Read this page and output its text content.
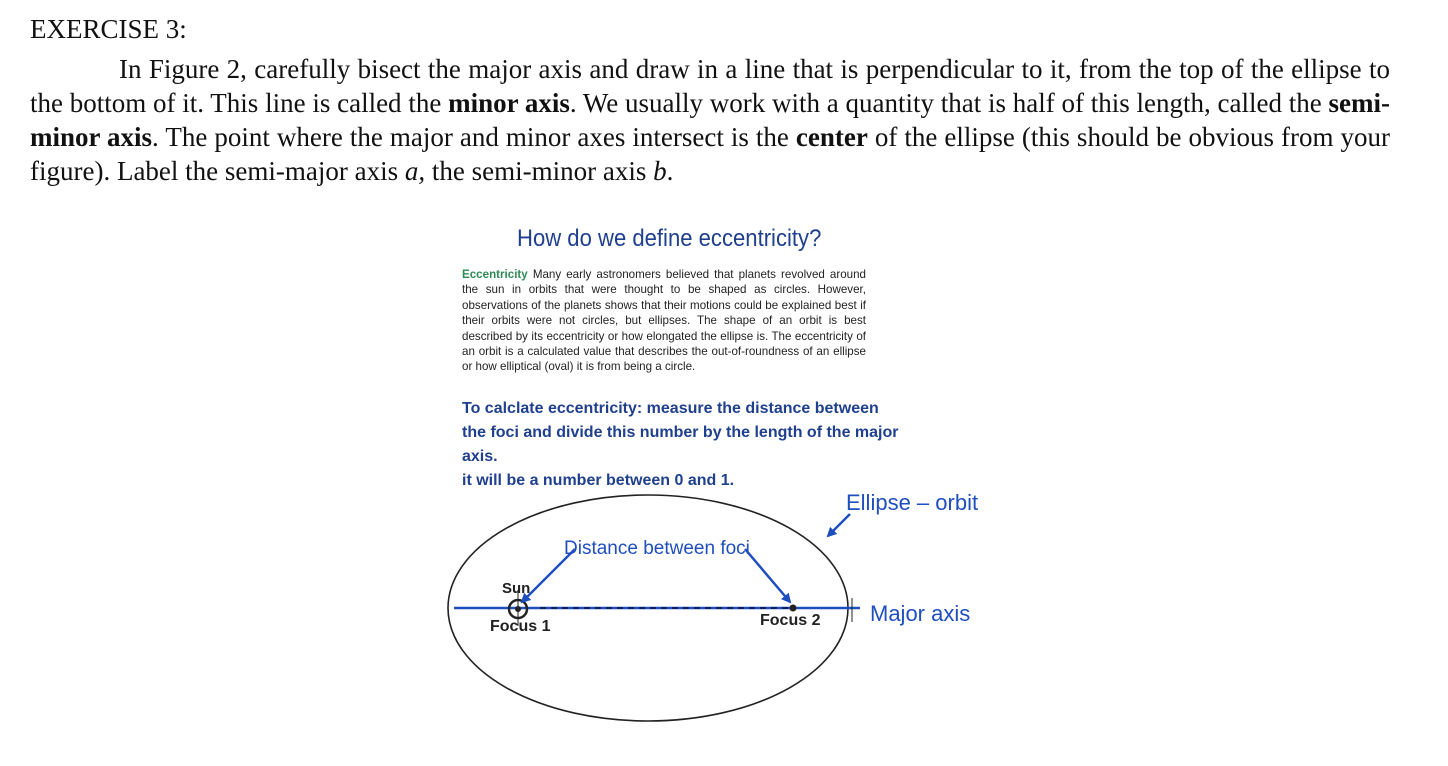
EXERCISE 3:
In Figure 2, carefully bisect the major axis and draw in a line that is perpendicular to it, from the top of the ellipse to the bottom of it. This line is called the minor axis. We usually work with a quantity that is half of this length, called the semi-minor axis. The point where the major and minor axes intersect is the center of the ellipse (this should be obvious from your figure). Label the semi-major axis a, the semi-minor axis b.
How do we define eccentricity?
Eccentricity Many early astronomers believed that planets revolved around the sun in orbits that were thought to be shaped as circles. However, observations of the planets shows that their motions could be explained best if their orbits were not circles, but ellipses. The shape of an orbit is best described by its eccentricity or how elongated the ellipse is. The eccentricity of an orbit is a calculated value that describes the out-of-roundness of an ellipse or how elliptical (oval) it is from being a circle.
To calclate eccentricity: measure the distance between
the foci and divide this number by the length of the major
axis.
it will be a number between 0 and 1.
Ellipse – orbit
Distance between foci
Sun
Focus 1	Focus 2 Major axis
